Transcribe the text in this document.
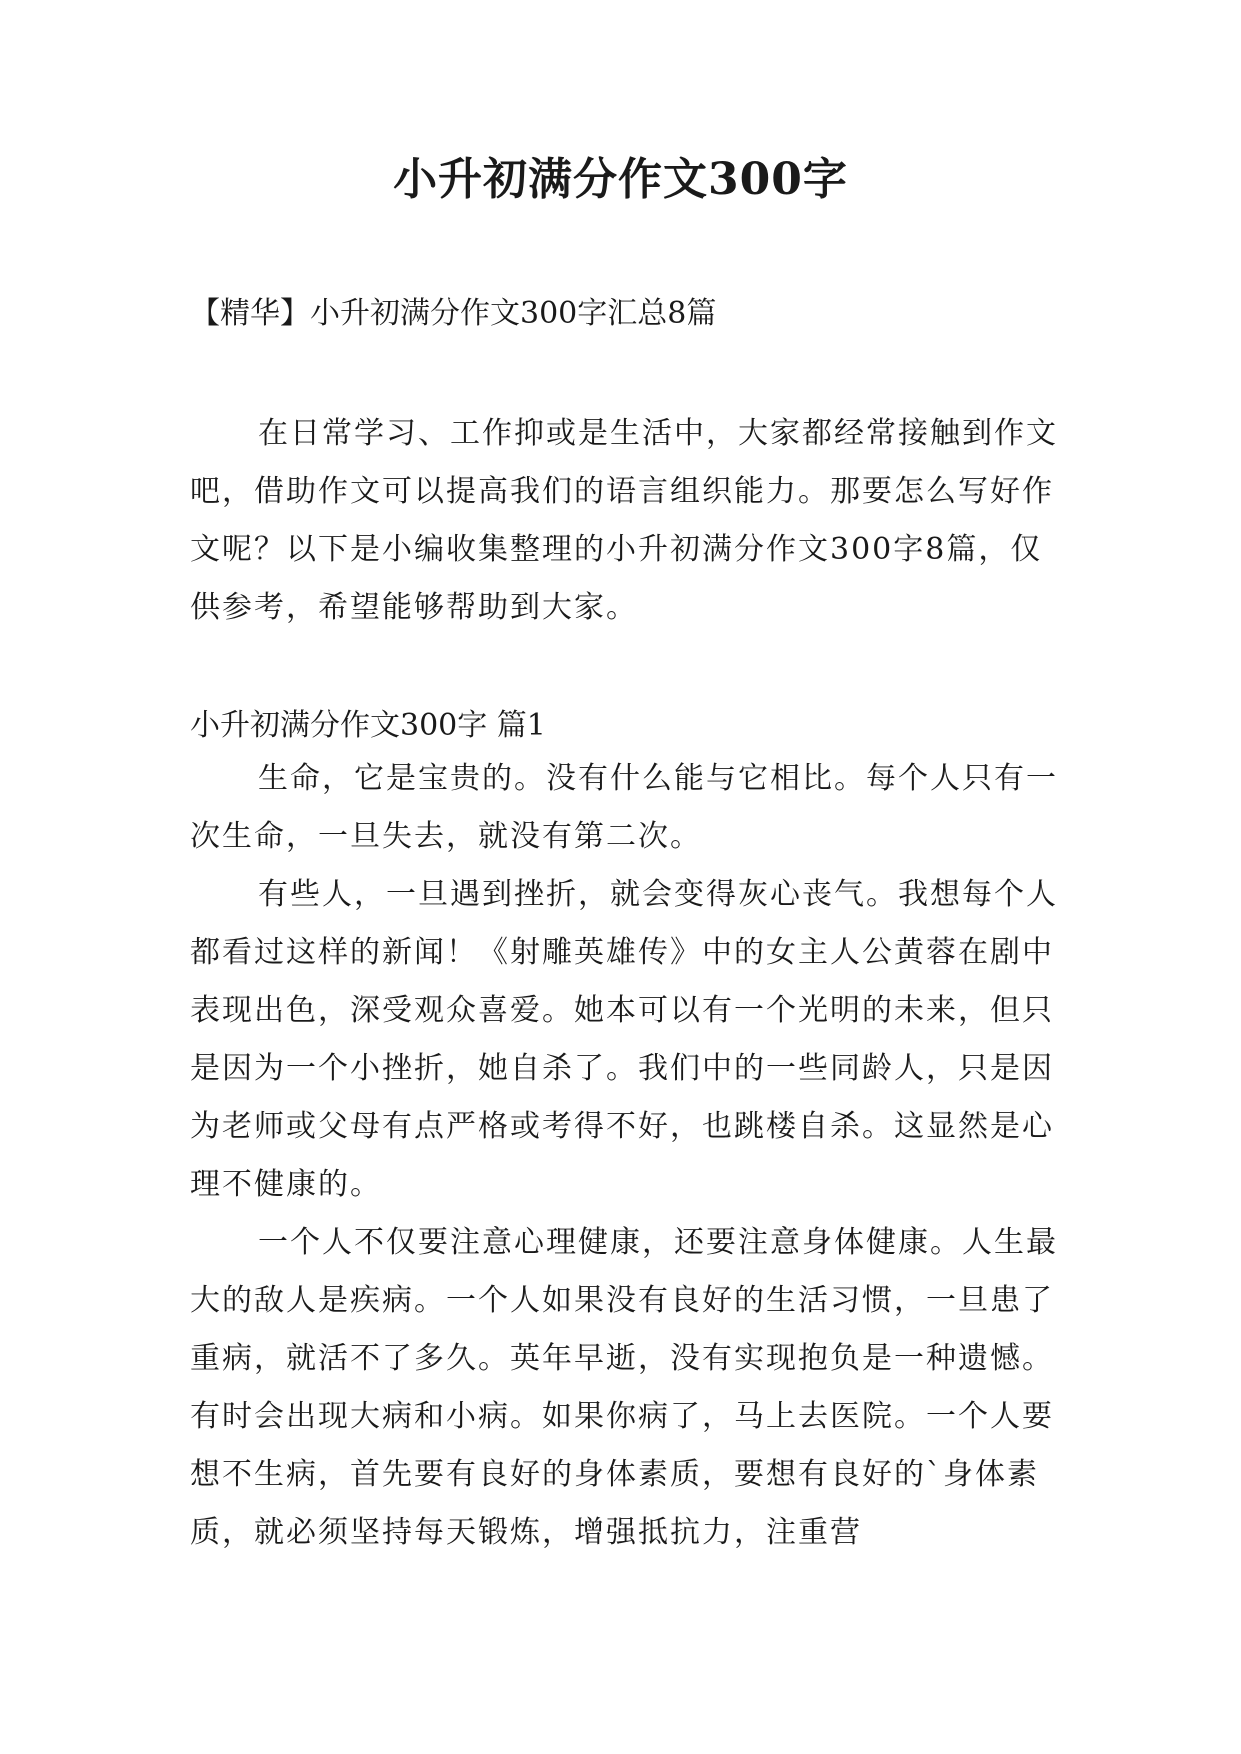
小升初满分作文300字

【精华】小升初满分作文300字汇总8篇

在日常学习、工作抑或是生活中，大家都经常接触到作文吧，借助作文可以提高我们的语言组织能力。那要怎么写好作文呢？以下是小编收集整理的小升初满分作文300字8篇，仅供参考，希望能够帮助到大家。

小升初满分作文300字 篇1

生命，它是宝贵的。没有什么能与它相比。每个人只有一次生命，一旦失去，就没有第二次。

有些人，一旦遇到挫折，就会变得灰心丧气。我想每个人都看过这样的新闻！《射雕英雄传》中的女主人公黄蓉在剧中表现出色，深受观众喜爱。她本可以有一个光明的未来，但只是因为一个小挫折，她自杀了。我们中的一些同龄人，只是因为老师或父母有点严格或考得不好，也跳楼自杀。这显然是心理不健康的。

一个人不仅要注意心理健康，还要注意身体健康。人生最大的敌人是疾病。一个人如果没有良好的生活习惯，一旦患了重病，就活不了多久。英年早逝，没有实现抱负是一种遗憾。有时会出现大病和小病。如果你病了，马上去医院。一个人要想不生病，首先要有良好的身体素质，要想有良好的`身体素质，就必须坚持每天锻炼，增强抵抗力，注重营
